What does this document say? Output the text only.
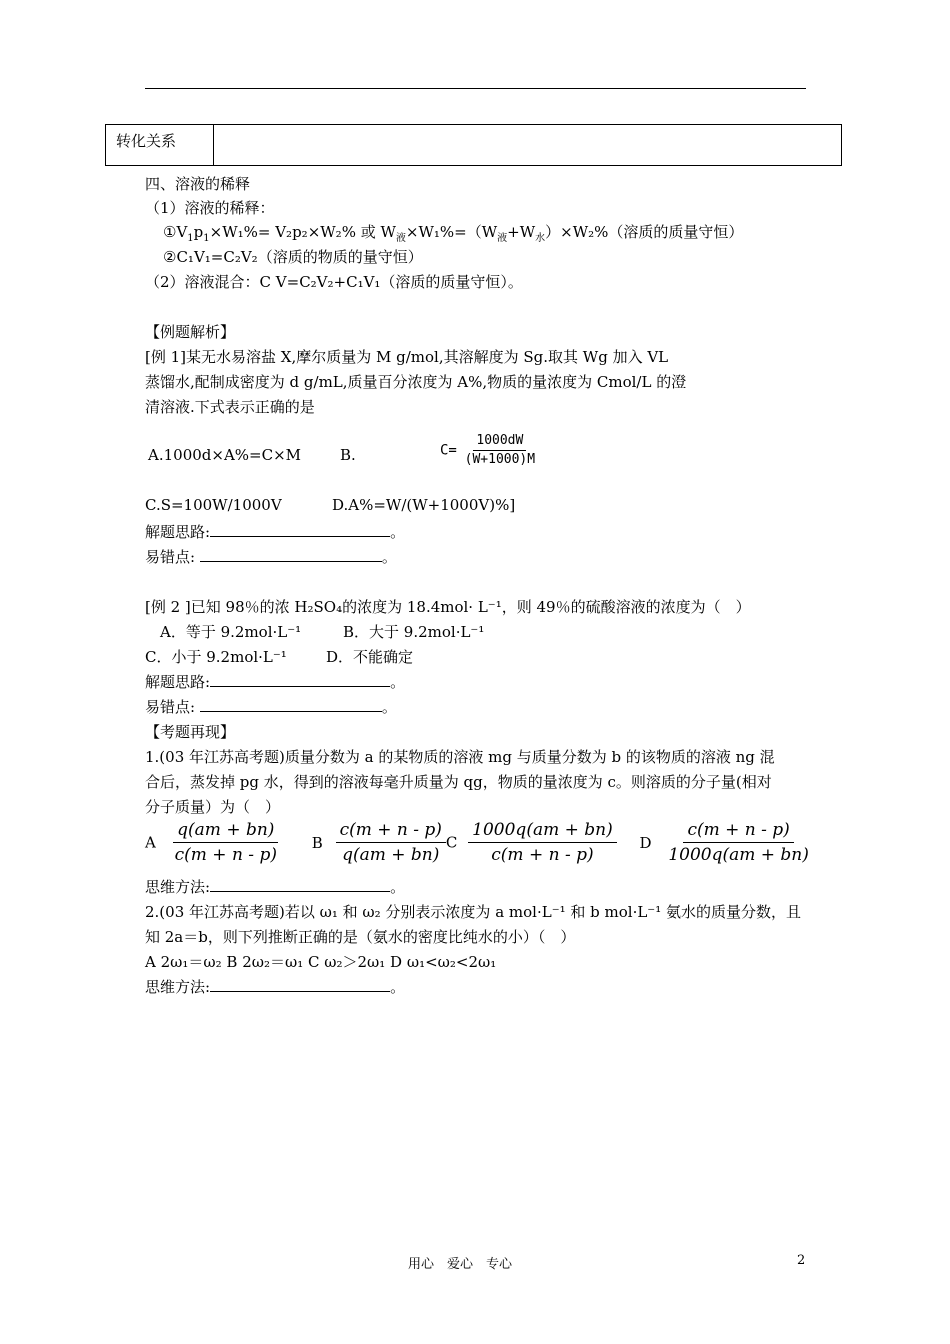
转化关系
四、溶液的稀释
（1）溶液的稀释：
$①V_1p_1\times W_1\%= V_2p_2\times W_2\%$ 或 $W_液\times W_1\%=(W_液+W_水)\times W_2\%$（溶质的质量守恒）
②C₁V₁=C₂V₂（溶质的物质的量守恒）
（2）溶液混合：C V=C₂V₂+C₁V₁（溶质的质量守恒）。
【例题解析】
[例 1]某无水易溶盐 X,摩尔质量为 M g/mol,其溶解度为 Sg.取其 Wg 加入 VL
蒸馏水,配制成密度为 d g/mL,质量百分浓度为 A%,物质的量浓度为 Cmol/L 的澄
清溶液.下式表示正确的是
A.1000d×A%=C×M	B.	$C= \frac{1000dW}{(W+1000)M}$
C.S=100W/1000V	D.A%=W/(W+1000V)%]
解题思路:	。
易错点:	。
[例 2 ]已知 98％的浓 H₂SO₄的浓度为 18.4mol· L⁻¹，则 49％的硫酸溶液的浓度为（　）
A．等于 9.2mol·L⁻¹	B．大于 9.2mol·L⁻¹
C．小于 9.2mol·L⁻¹	D．不能确定
解题思路:	。
易错点:	。
【考题再现】
1.(03 年江苏高考题)质量分数为 a 的某物质的溶液 mg 与质量分数为 b 的该物质的溶液 ng 混
合后，蒸发掉 pg 水，得到的溶液每毫升质量为 qg，物质的量浓度为 c。则溶质的分子量(相对
分子质量）为（　）
A $\frac{q(am + bn)}{c(m + n - p)}$ B $\frac{c(m + n - p)}{q(am + bn)}$ C $\frac{1000q(am + bn)}{c(m + n - p)}$ D $\frac{c(m + n - p)}{1000q(am + bn)}$
思维方法:	。
2.(03 年江苏高考题)若以 ω₁ 和 ω₂ 分别表示浓度为 a mol·L⁻¹ 和 b mol·L⁻¹ 氨水的质量分数，且
知 2a＝b，则下列推断正确的是（氨水的密度比纯水的小）（　）
A 2ω₁＝ω₂ B 2ω₂＝ω₁ C ω₂＞2ω₁ D ω₁<ω₂<2ω₁
思维方法:	。
用心　爱心　专心	2
